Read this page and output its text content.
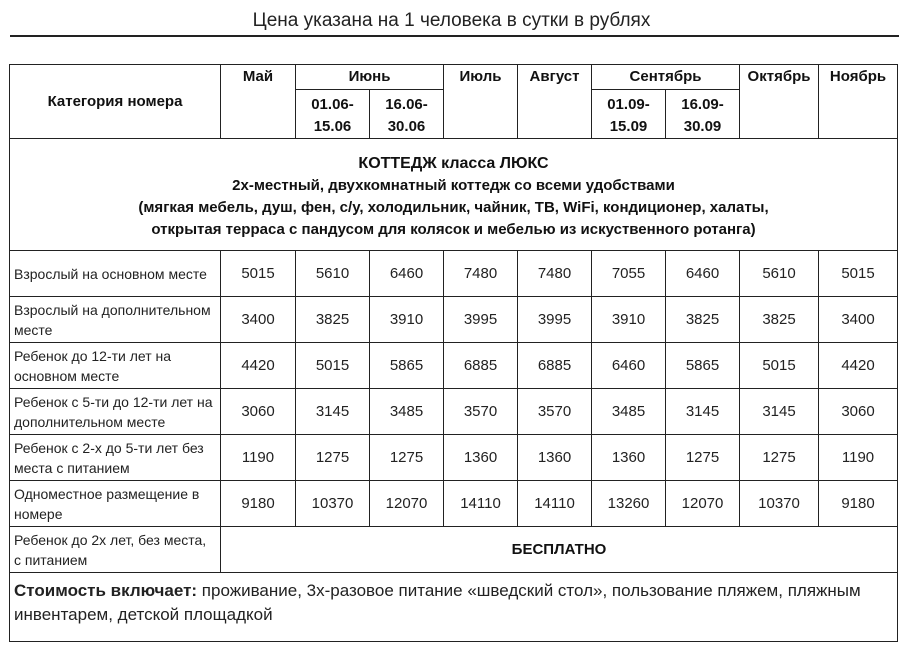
Цена указана на 1 человека в сутки в рублях
Категория номера	Май	Июнь		Июль	Август	Сентябрь		Октябрь	Ноябрь
		01.06-15.06	16.06-30.06			01.09-15.09	16.09-30.09		

КОТТЕДЖ класса ЛЮКС
2х-местный, двухкомнатный коттедж со всеми удобствами
(мягкая мебель, душ, фен, с/у, холодильник, чайник, ТВ, WiFi, кондиционер, халаты,
открытая терраса с пандусом для колясок и мебелью из искуственного ротанга)									

Взрослый на основном месте	5015	5610	6460	7480	7480	7055	6460	5610	5015
Взрослый на дополнительном месте	3400	3825	3910	3995	3995	3910	3825	3825	3400
Ребенок до 12-ти лет на основном месте	4420	5015	5865	6885	6885	6460	5865	5015	4420
Ребенок с 5-ти до 12-ти лет на дополнительном месте	3060	3145	3485	3570	3570	3485	3145	3145	3060
Ребенок с 2-х до 5-ти лет без места с питанием	1190	1275	1275	1360	1360	1360	1275	1275	1190
Одноместное размещение в номере	9180	10370	12070	14110	14110	13260	12070	10370	9180
Ребенок до 2х лет, без места, с питанием	БЕСПЛАТНО								
Стоимость включает: проживание, 3х-разовое питание «шведский стол», пользование пляжем, пляжным инвентарем, детской площадкой									
